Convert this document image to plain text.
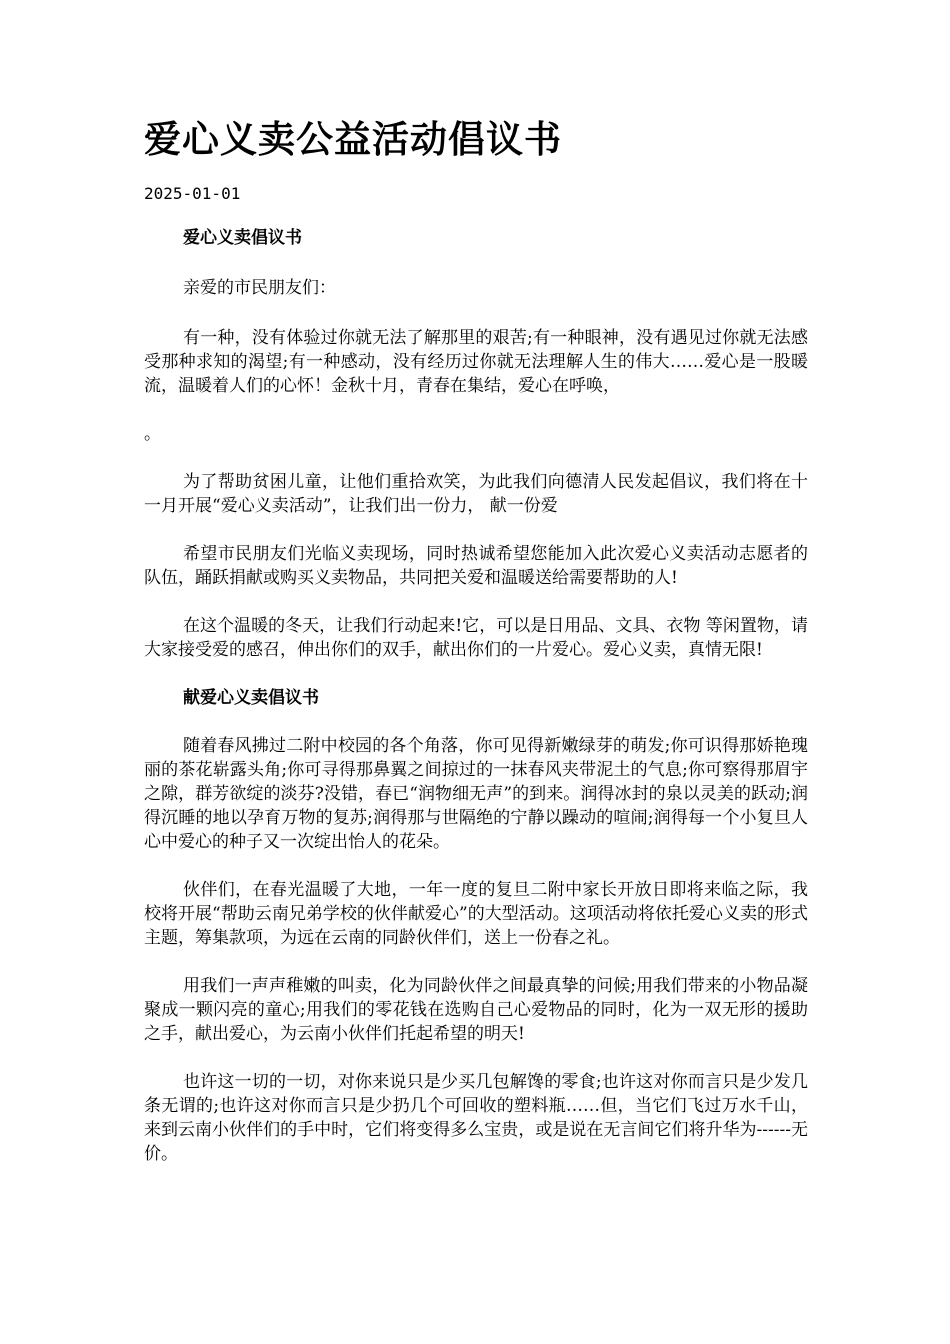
爱心义卖公益活动倡议书
2025-01-01

爱心义卖倡议书

亲爱的市民朋友们：

有一种，没有体验过你就无法了解那里的艰苦;有一种眼神，没有遇见过你就无法感受那种求知的渴望;有一种感动，没有经历过你就无法理解人生的伟大……爱心是一股暖流，温暖着人们的心怀！金秋十月，青春在集结，爱心在呼唤，

。

为了帮助贫困儿童，让他们重拾欢笑，为此我们向德清人民发起倡议，我们将在十一月开展“爱心义卖活动”，让我们出一份力， 献一份爱

希望市民朋友们光临义卖现场，同时热诚希望您能加入此次爱心义卖活动志愿者的队伍，踊跃捐献或购买义卖物品，共同把关爱和温暖送给需要帮助的人!

在这个温暖的冬天，让我们行动起来!它，可以是日用品、文具、衣物 等闲置物，请大家接受爱的感召，伸出你们的双手，献出你们的一片爱心。爱心义卖，真情无限!

献爱心义卖倡议书

随着春风拂过二附中校园的各个角落，你可见得新嫩绿芽的萌发;你可识得那娇艳瑰丽的茶花崭露头角;你可寻得那鼻翼之间掠过的一抹春风夹带泥土的气息;你可察得那眉宇之隙，群芳欲绽的淡芬?没错，春已“润物细无声”的到来。润得冰封的泉以灵美的跃动;润得沉睡的地以孕育万物的复苏;润得那与世隔绝的宁静以躁动的喧闹;润得每一个小复旦人心中爱心的种子又一次绽出怡人的花朵。

伙伴们，在春光温暖了大地，一年一度的复旦二附中家长开放日即将来临之际，我校将开展“帮助云南兄弟学校的伙伴献爱心”的大型活动。这项活动将依托爱心义卖的形式主题，筹集款项，为远在云南的同龄伙伴们，送上一份春之礼。

用我们一声声稚嫩的叫卖，化为同龄伙伴之间最真挚的问候;用我们带来的小物品凝聚成一颗闪亮的童心;用我们的零花钱在选购自己心爱物品的同时，化为一双无形的援助之手，献出爱心，为云南小伙伴们托起希望的明天!

也许这一切的一切，对你来说只是少买几包解馋的零食;也许这对你而言只是少发几条无谓的;也许这对你而言只是少扔几个可回收的塑料瓶……但，当它们飞过万水千山，来到云南小伙伴们的手中时，它们将变得多么宝贵，或是说在无言间它们将升华为------无价。
